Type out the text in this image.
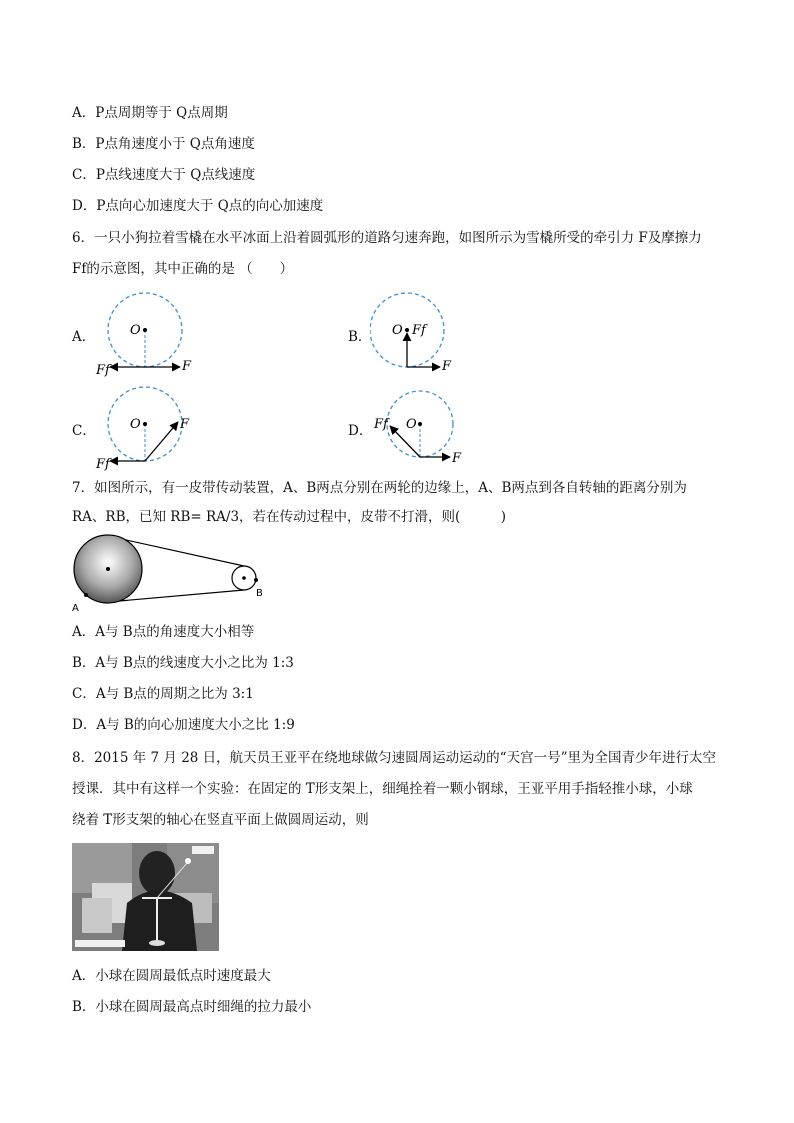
A．P点周期等于 Q点周期
B．P点角速度小于 Q点角速度
C．P点线速度大于 Q点线速度
D．P点向心加速度大于 Q点的向心加速度
6．一只小狗拉着雪橇在水平冰面上沿着圆弧形的道路匀速奔跑，如图所示为雪橇所受的牵引力 F及摩擦力
Ff的示意图，其中正确的是 （　　）
A．	B．
C．	D．
O
F
Ff
O
F
Ff
O	F
Ff
O
F
Ff
7．如图所示，有一皮带传动装置，A、B两点分别在两轮的边缘上，A、B两点到各自转轴的距离分别为
RA、RB，已知 RB= RA/3，若在传动过程中，皮带不打滑，则(　　　)
A
B
A．A与 B点的角速度大小相等
B．A与 B点的线速度大小之比为 1:3
C．A与 B点的周期之比为 3:1
D．A与 B的向心加速度大小之比 1:9
8．2015 年 7 月 28 日，航天员王亚平在绕地球做匀速圆周运动运动的“天宫一号”里为全国青少年进行太空
授课．其中有这样一个实验：在固定的 T形支架上，细绳拴着一颗小钢球，王亚平用手指轻推小球，小球
绕着 T形支架的轴心在竖直平面上做圆周运动，则
A．小球在圆周最低点时速度最大
B．小球在圆周最高点时细绳的拉力最小
